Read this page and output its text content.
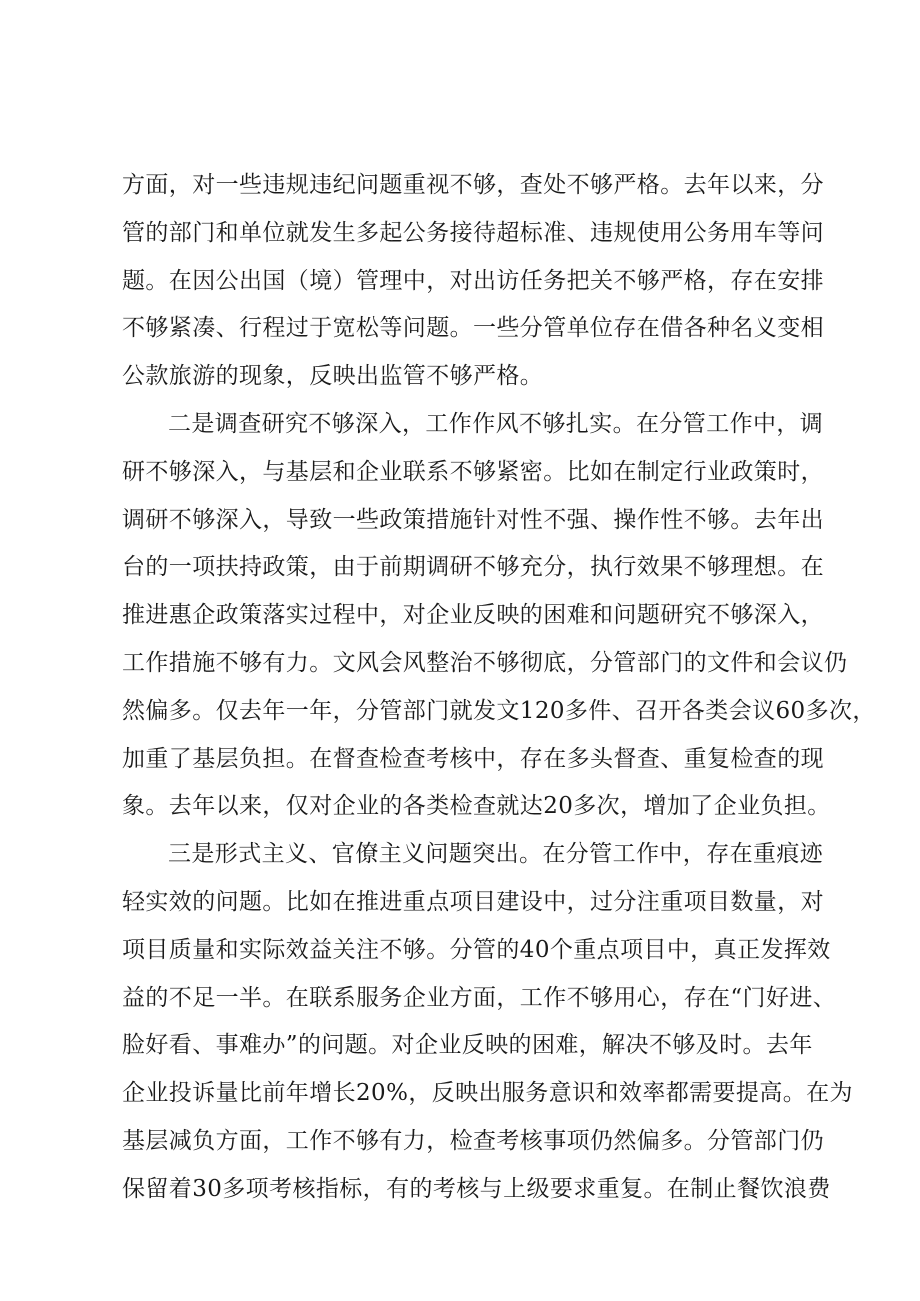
方面，对一些违规违纪问题重视不够，查处不够严格。去年以来，分
管的部门和单位就发生多起公务接待超标准、违规使用公务用车等问
题。在因公出国（境）管理中，对出访任务把关不够严格，存在安排
不够紧凑、行程过于宽松等问题。一些分管单位存在借各种名义变相
公款旅游的现象，反映出监管不够严格。
二是调查研究不够深入，工作作风不够扎实。在分管工作中，调
研不够深入，与基层和企业联系不够紧密。比如在制定行业政策时，
调研不够深入，导致一些政策措施针对性不强、操作性不够。去年出
台的一项扶持政策，由于前期调研不够充分，执行效果不够理想。在
推进惠企政策落实过程中，对企业反映的困难和问题研究不够深入，
工作措施不够有力。文风会风整治不够彻底，分管部门的文件和会议仍
然偏多。仅去年一年，分管部门就发文120多件、召开各类会议60多次，
加重了基层负担。在督查检查考核中，存在多头督查、重复检查的现
象。去年以来，仅对企业的各类检查就达20多次，增加了企业负担。
三是形式主义、官僚主义问题突出。在分管工作中，存在重痕迹
轻实效的问题。比如在推进重点项目建设中，过分注重项目数量，对
项目质量和实际效益关注不够。分管的40个重点项目中，真正发挥效
益的不足一半。在联系服务企业方面，工作不够用心，存在“门好进、
脸好看、事难办”的问题。对企业反映的困难，解决不够及时。去年
企业投诉量比前年增长20%，反映出服务意识和效率都需要提高。在为
基层减负方面，工作不够有力，检查考核事项仍然偏多。分管部门仍
保留着30多项考核指标，有的考核与上级要求重复。在制止餐饮浪费
